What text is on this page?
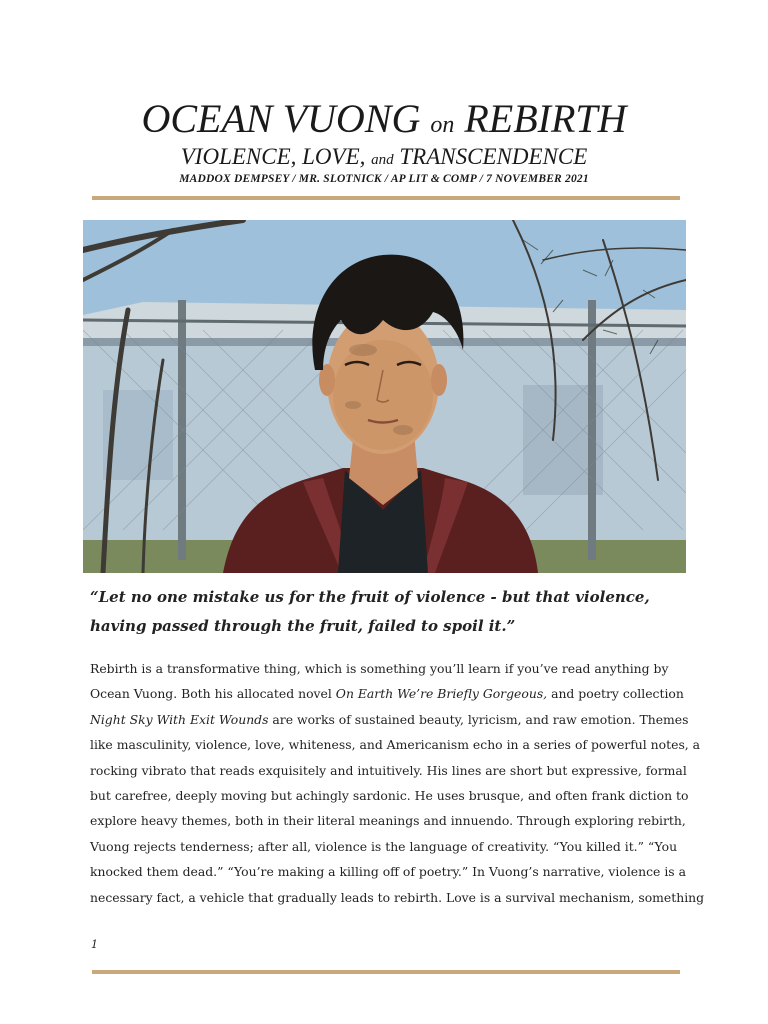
OCEAN VUONG on REBIRTH
VIOLENCE, LOVE, and TRANSCENDENCE
MADDOX DEMPSEY / MR. SLOTNICK / AP LIT & COMP / 7 NOVEMBER 2021

“Let no one mistake us for the fruit of violence - but that violence,
having passed through the fruit, failed to spoil it.”

Rebirth is a transformative thing, which is something you’ll learn if you’ve read anything by
Ocean Vuong. Both his allocated novel On Earth We’re Briefly Gorgeous, and poetry collection
Night Sky With Exit Wounds are works of sustained beauty, lyricism, and raw emotion. Themes
like masculinity, violence, love, whiteness, and Americanism echo in a series of powerful notes, a
rocking vibrato that reads exquisitely and intuitively. His lines are short but expressive, formal
but carefree, deeply moving but achingly sardonic. He uses brusque, and often frank diction to
explore heavy themes, both in their literal meanings and innuendo. Through exploring rebirth,
Vuong rejects tenderness; after all, violence is the language of creativity. “You killed it.” “You
knocked them dead.” “You’re making a killing off of poetry.” In Vuong’s narrative, violence is a
necessary fact, a vehicle that gradually leads to rebirth. Love is a survival mechanism, something

1
